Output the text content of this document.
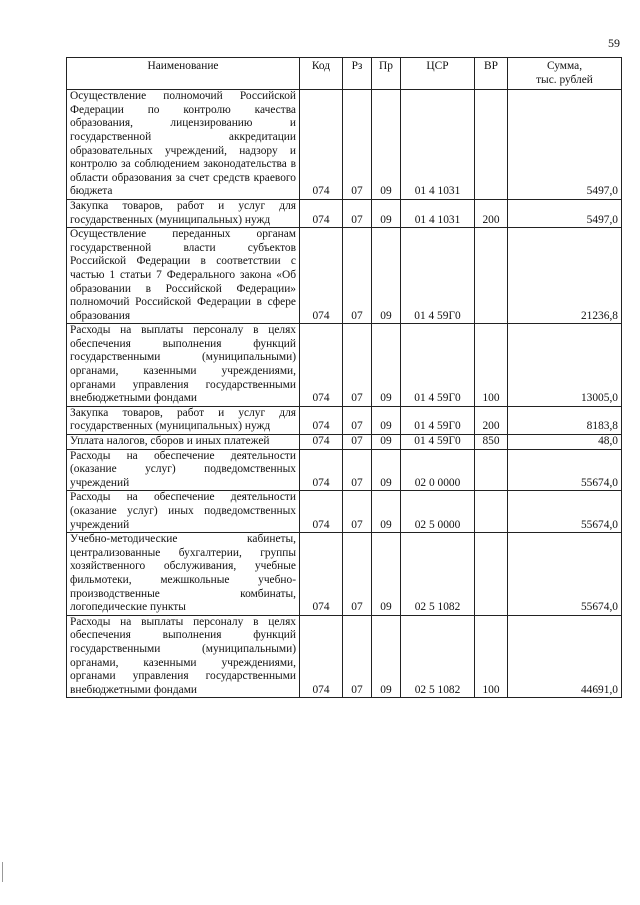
59
Наименование	Код	Рз	Пр	ЦСР	ВР	Сумма,
тыс. рублей

Осуществление полномочий Российской Федерации по контролю качества образования, лицензированию и государственной аккредитации образовательных учреждений, надзору и контролю за соблюдением законодательства в области образования за счет средств краевого бюджета	074	07	09	01 4 1031		5497,0
Закупка товаров, работ и услуг для государственных (муниципальных) нужд	074	07	09	01 4 1031	200	5497,0
Осуществление переданных органам государственной власти субъектов Российской Федерации в соответствии с частью 1 статьи 7 Федерального закона «Об образовании в Российской Федерации» полномочий Российской Федерации в сфере образования	074	07	09	01 4 59Г0		21236,8
Расходы на выплаты персоналу в целях обеспечения выполнения функций государственными (муниципальными) органами, казенными учреждениями, органами управления государственными внебюджетными фондами	074	07	09	01 4 59Г0	100	13005,0
Закупка товаров, работ и услуг для государственных (муниципальных) нужд	074	07	09	01 4 59Г0	200	8183,8
Уплата налогов, сборов и иных платежей	074	07	09	01 4 59Г0	850	48,0
Расходы на обеспечение деятельности (оказание услуг) подведомственных учреждений	074	07	09	02 0 0000		55674,0
Расходы на обеспечение деятельности (оказание услуг) иных подведомственных учреждений	074	07	09	02 5 0000		55674,0
Учебно-методические кабинеты, централизованные бухгалтерии, группы хозяйственного обслуживания, учебные фильмотеки, межшкольные учебно-производственные комбинаты, логопедические пункты	074	07	09	02 5 1082		55674,0
Расходы на выплаты персоналу в целях обеспечения выполнения функций государственными (муниципальными) органами, казенными учреждениями, органами управления государственными внебюджетными фондами	074	07	09	02 5 1082	100	44691,0
